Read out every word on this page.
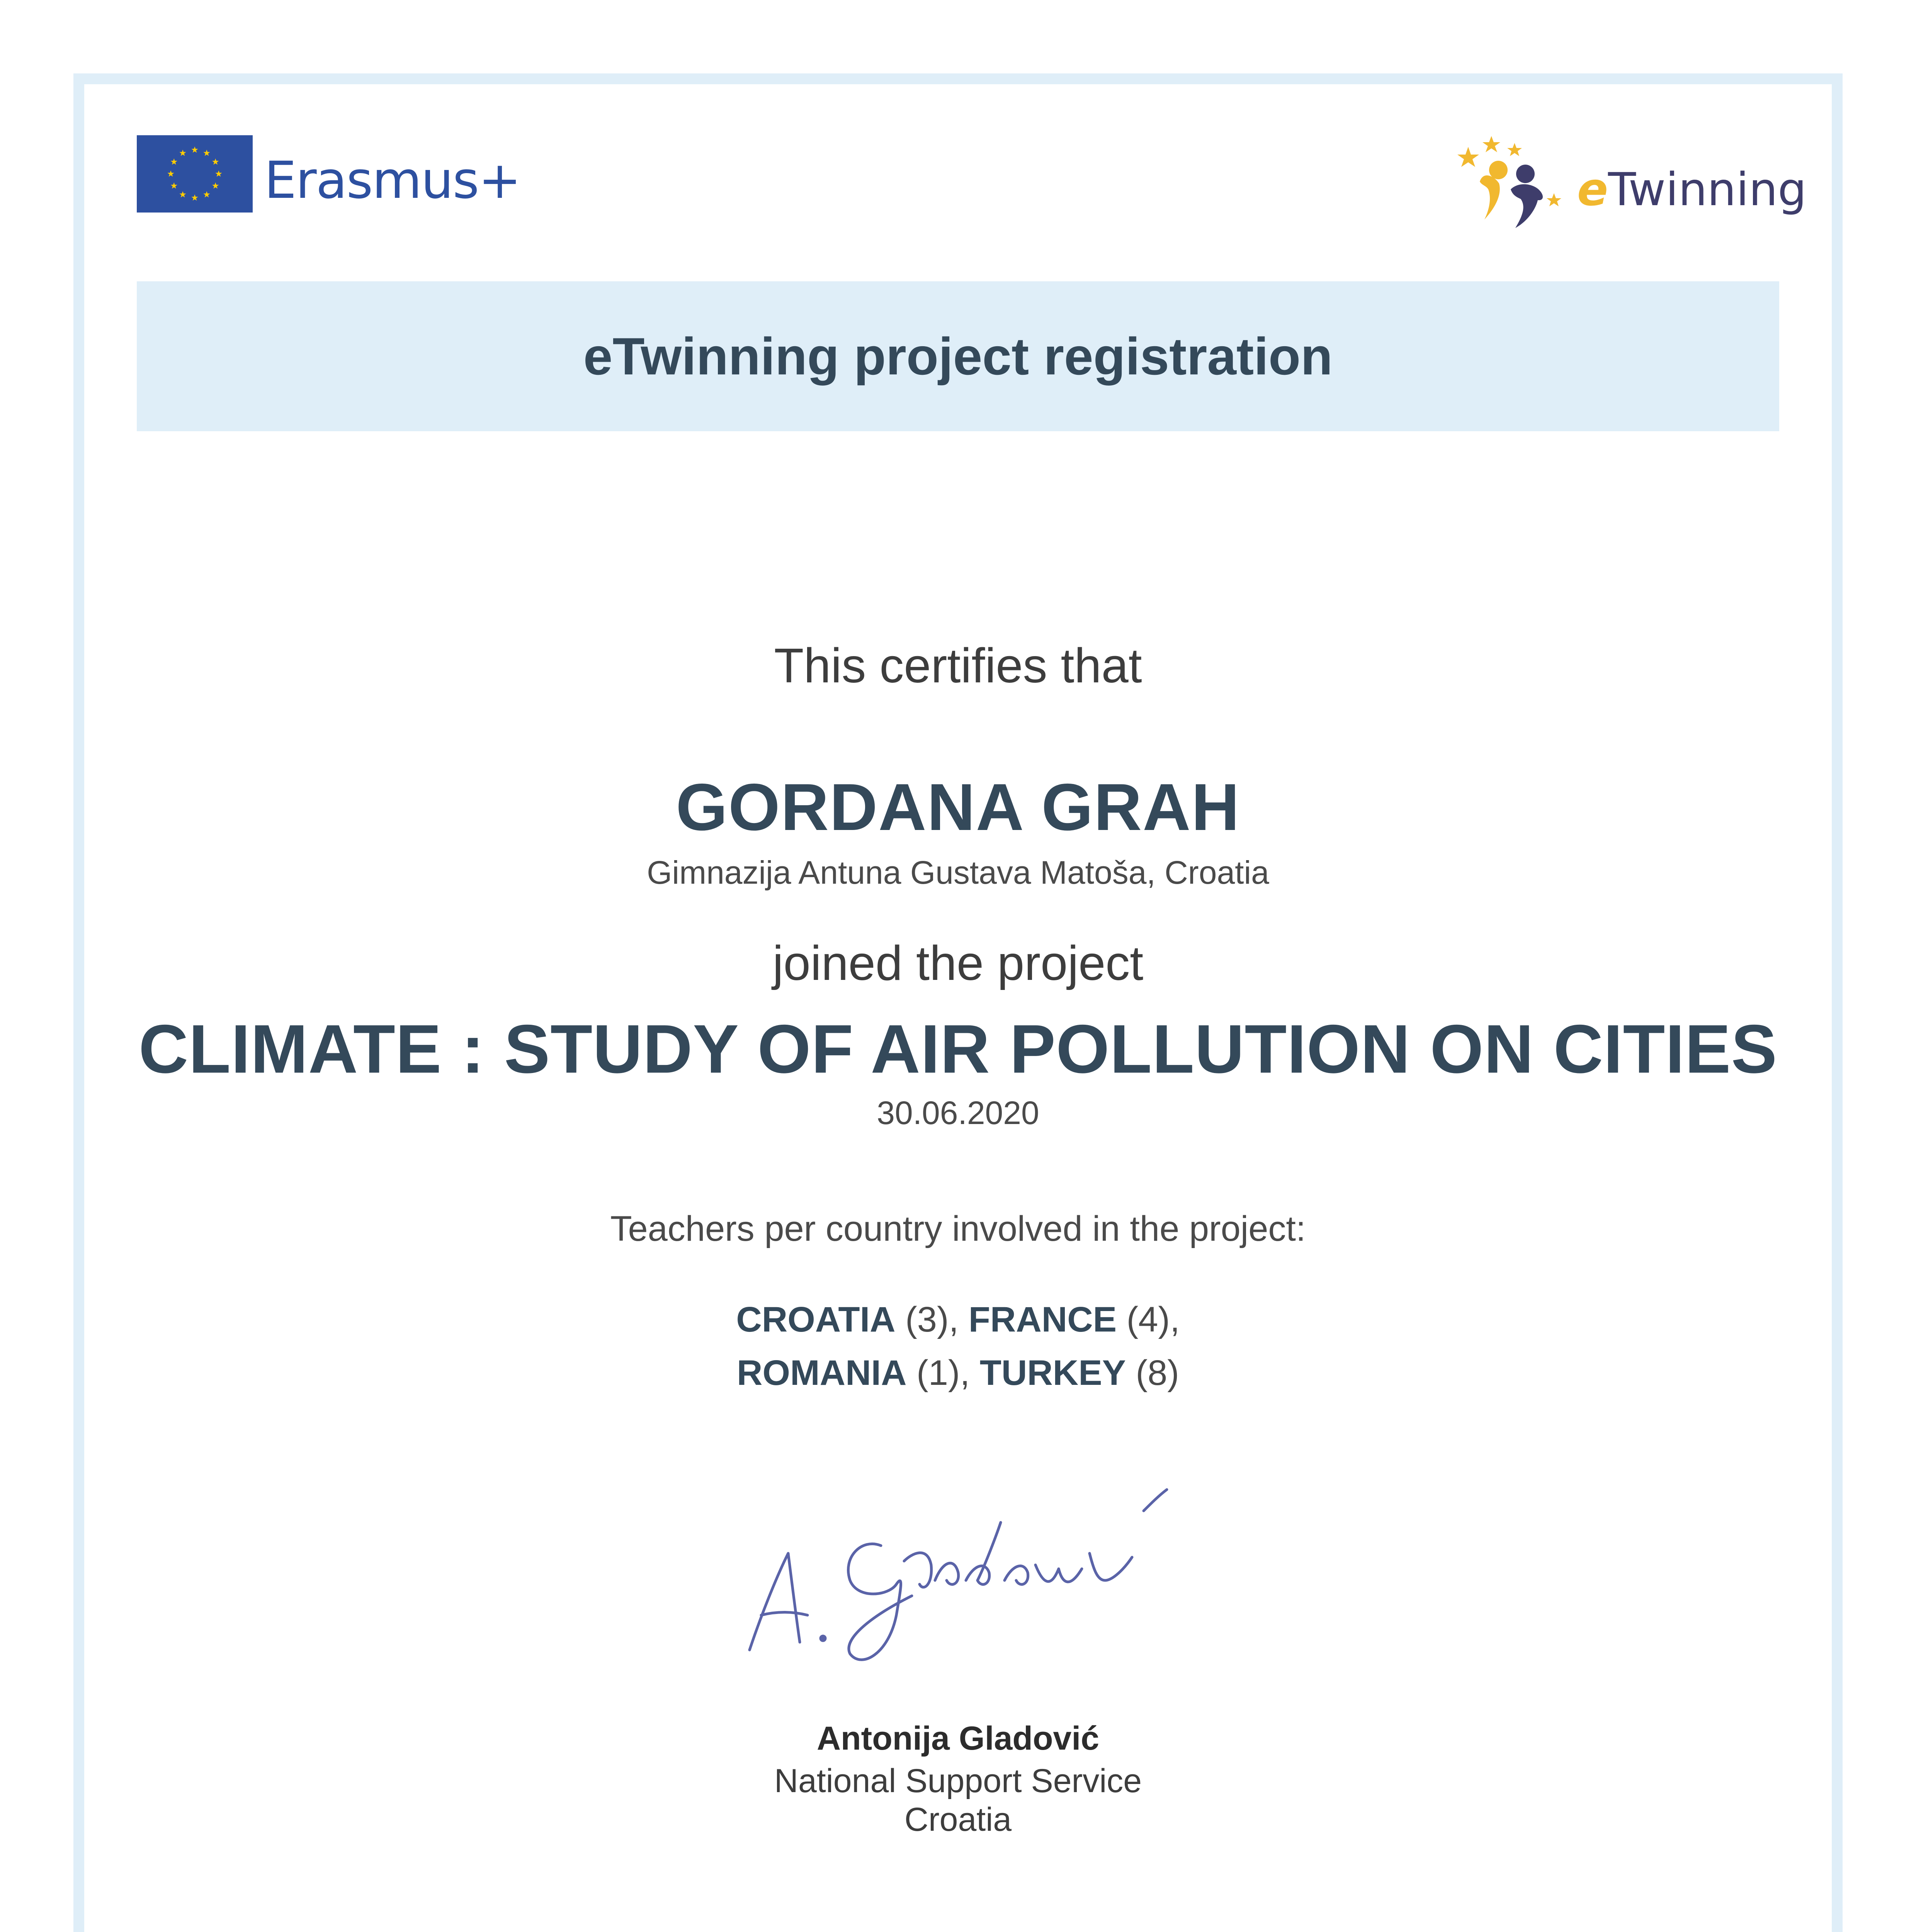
Erasmus+	eTwinning
eTwinning project registration
This certifies that
GORDANA GRAH
Gimnazija Antuna Gustava Matoša, Croatia
joined the project
CLIMATE : STUDY OF AIR POLLUTION ON CITIES
30.06.2020
Teachers per country involved in the project:
CROATIA (3), FRANCE (4),
ROMANIA (1), TURKEY (8)
Antonija Gladović
National Support Service
Croatia
